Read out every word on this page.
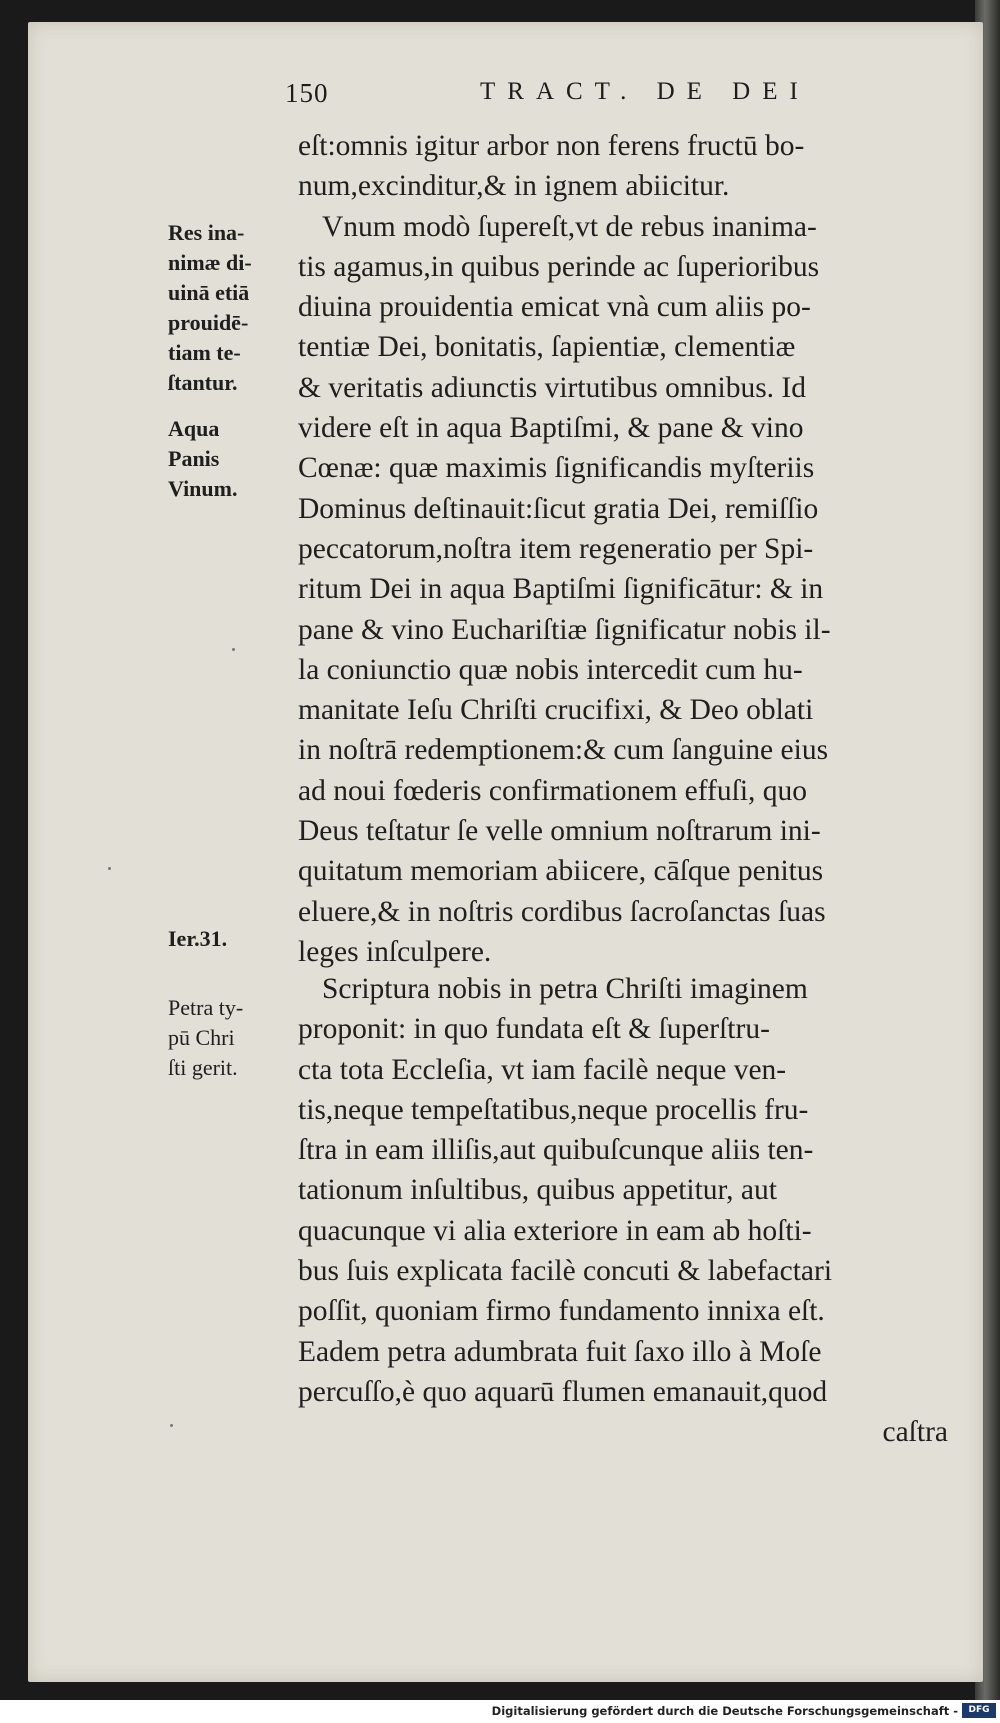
150	TRACT. DE DEI
eſt:omnis igitur arbor non ferens fructū bo-
num,excinditur,& in ignem abiicitur.
Vnum modò ſupereſt,vt de rebus inanima-
tis agamus,in quibus perinde ac ſuperioribus
diuina prouidentia emicat vnà cum aliis po-
tentiæ Dei, bonitatis, ſapientiæ, clementiæ
& veritatis adiunctis virtutibus omnibus. Id
videre eſt in aqua Baptiſmi, & pane & vino
Cœnæ: quæ maximis ſignificandis myſteriis
Dominus deſtinauit:ſicut gratia Dei, remiſſio
peccatorum,noſtra item regeneratio per Spi-
ritum Dei in aqua Baptiſmi ſignificātur: & in
pane & vino Euchariſtiæ ſignificatur nobis il-
la coniunctio quæ nobis intercedit cum hu-
manitate Ieſu Chriſti crucifixi, & Deo oblati
in noſtrā redemptionem:& cum ſanguine eius
ad noui fœderis confirmationem effuſi, quo
Deus teſtatur ſe velle omnium noſtrarum ini-
quitatum memoriam abiicere, cāſque penitus
eluere,& in noſtris cordibus ſacroſanctas ſuas
leges inſculpere.
Scriptura nobis in petra Chriſti imaginem
proponit: in quo fundata eſt & ſuperſtru-
cta tota Eccleſia, vt iam facilè neque ven-
tis,neque tempeſtatibus,neque procellis fru-
ſtra in eam illiſis,aut quibuſcunque aliis ten-
tationum inſultibus, quibus appetitur, aut
quacunque vi alia exteriore in eam ab hoſti-
bus ſuis explicata facilè concuti & labefactari
poſſit, quoniam firmo fundamento innixa eſt.
Eadem petra adumbrata fuit ſaxo illo à Moſe
percuſſo,è quo aquarū flumen emanauit,quod
caſtra
Res ina-
nimæ di-
uinā etiā
prouidē-
tiam te-
ſtantur.
Aqua
Panis
Vinum.
Ier.31.
Petra ty-
pū Chri
ſti gerit.
Digitalisierung gefördert durch die Deutsche Forschungsgemeinschaft -	DFG
